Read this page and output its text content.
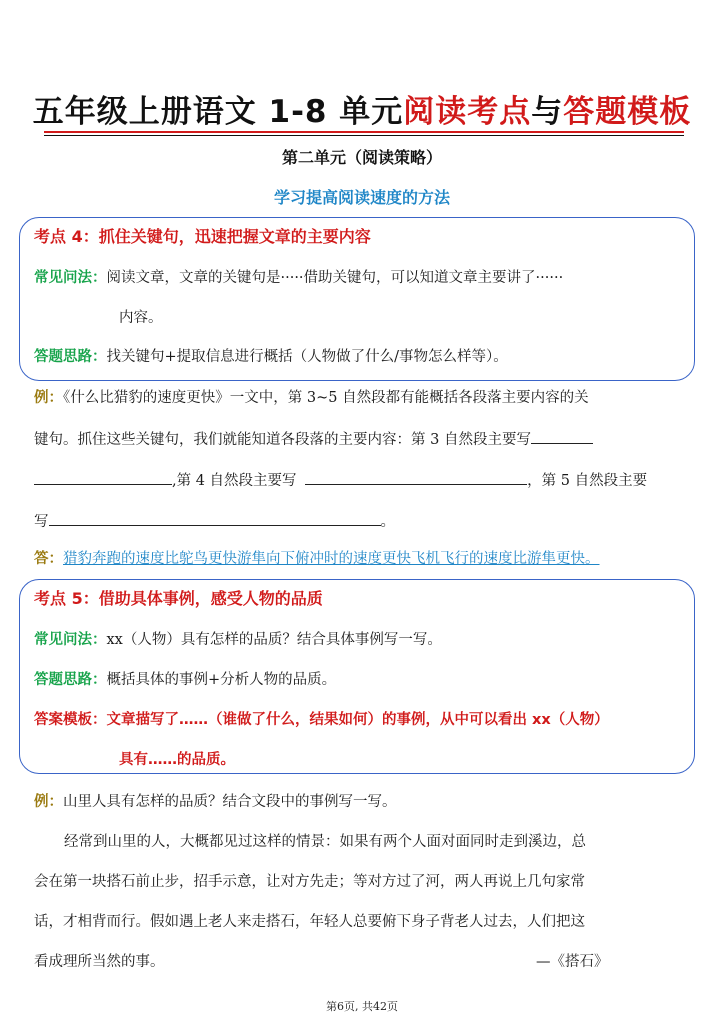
五年级上册语文 1-8 单元阅读考点与答题模板
第二单元（阅读策略）
学习提高阅读速度的方法
考点 4：抓住关键句，迅速把握文章的主要内容
常见问法：阅读文章，文章的关键句是·····借助关键句，可以知道文章主要讲了······
内容。
答题思路：找关键句+提取信息进行概括（人物做了什么/事物怎么样等）。
例：《什么比猎豹的速度更快》一文中，第 3~5 自然段都有能概括各段落主要内容的关
键句。抓住这些关键句，我们就能知道各段落的主要内容：第 3 自然段主要写
,第 4 自然段主要写	，第 5 自然段主要
写	。
答：猎豹奔跑的速度比鸵鸟更快游隼向下俯冲时的速度更快飞机飞行的速度比游隼更快。
考点 5：借助具体事例，感受人物的品质
常见问法：xx（人物）具有怎样的品质？结合具体事例写一写。
答题思路：概括具体的事例+分析人物的品质。
答案模板：文章描写了……（谁做了什么，结果如何）的事例，从中可以看出 xx（人物）
具有……的品质。
例：山里人具有怎样的品质？结合文段中的事例写一写。
经常到山里的人，大概都见过这样的情景：如果有两个人面对面同时走到溪边，总
会在第一块搭石前止步，招手示意，让对方先走；等对方过了河，两人再说上几句家常
话，才相背而行。假如遇上老人来走搭石，年轻人总要俯下身子背老人过去，人们把这
看成理所当然的事。	—《搭石》
第6页, 共42页
